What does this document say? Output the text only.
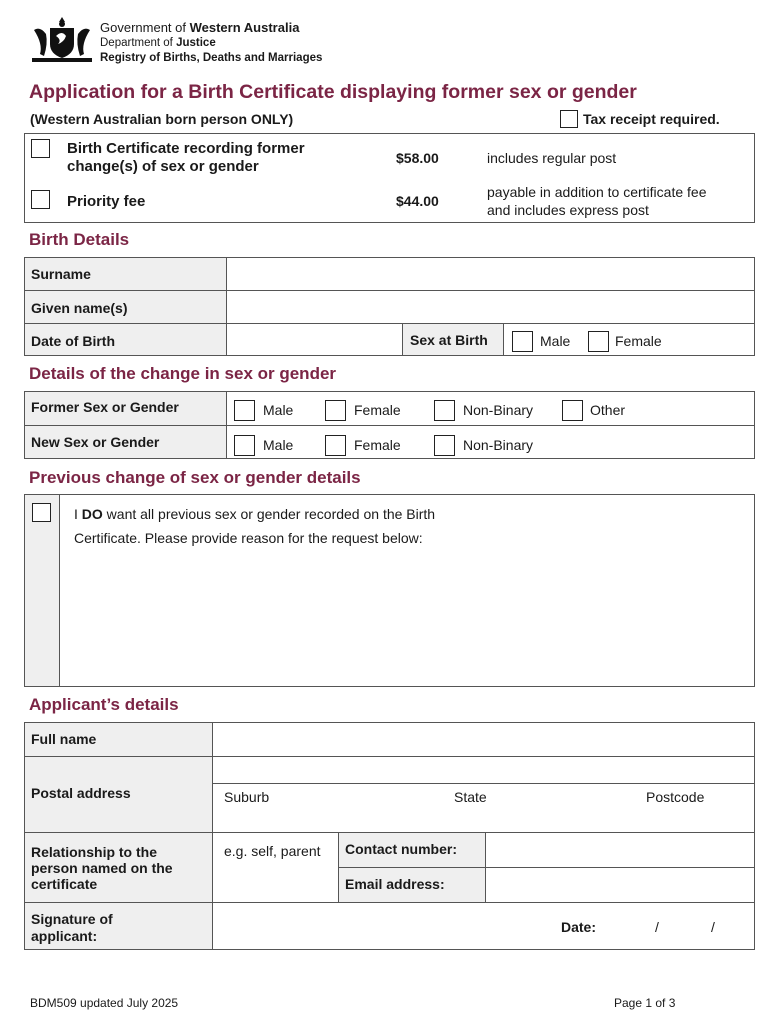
Government of Western Australia
Department of Justice
Registry of Births, Deaths and Marriages
Application for a Birth Certificate displaying former sex or gender
(Western Australian born person ONLY)	Tax receipt required.
Birth Certificate recording former
change(s) of sex or gender	$58.00	includes regular post
Priority fee	$44.00
payable in addition to certificate fee
and includes express post
Birth Details
Surname
Given name(s)
Date of Birth	Sex at Birth	Male	Female
Details of the change in sex or gender
Former Sex or Gender	Male	Female	Non-Binary	Other
New Sex or Gender	Male	Female	Non-Binary
Previous change of sex or gender details
I DO want all previous sex or gender recorded on the Birth
Certificate. Please provide reason for the request below:
Applicant’s details
Full name
Postal address	Suburb	State	Postcode
Relationship to the
person named on the
certificate
e.g. self, parent Contact number:
Email address:
Signature of
applicant:
Date:	/	/
BDM509 updated July 2025	Page 1 of 3
